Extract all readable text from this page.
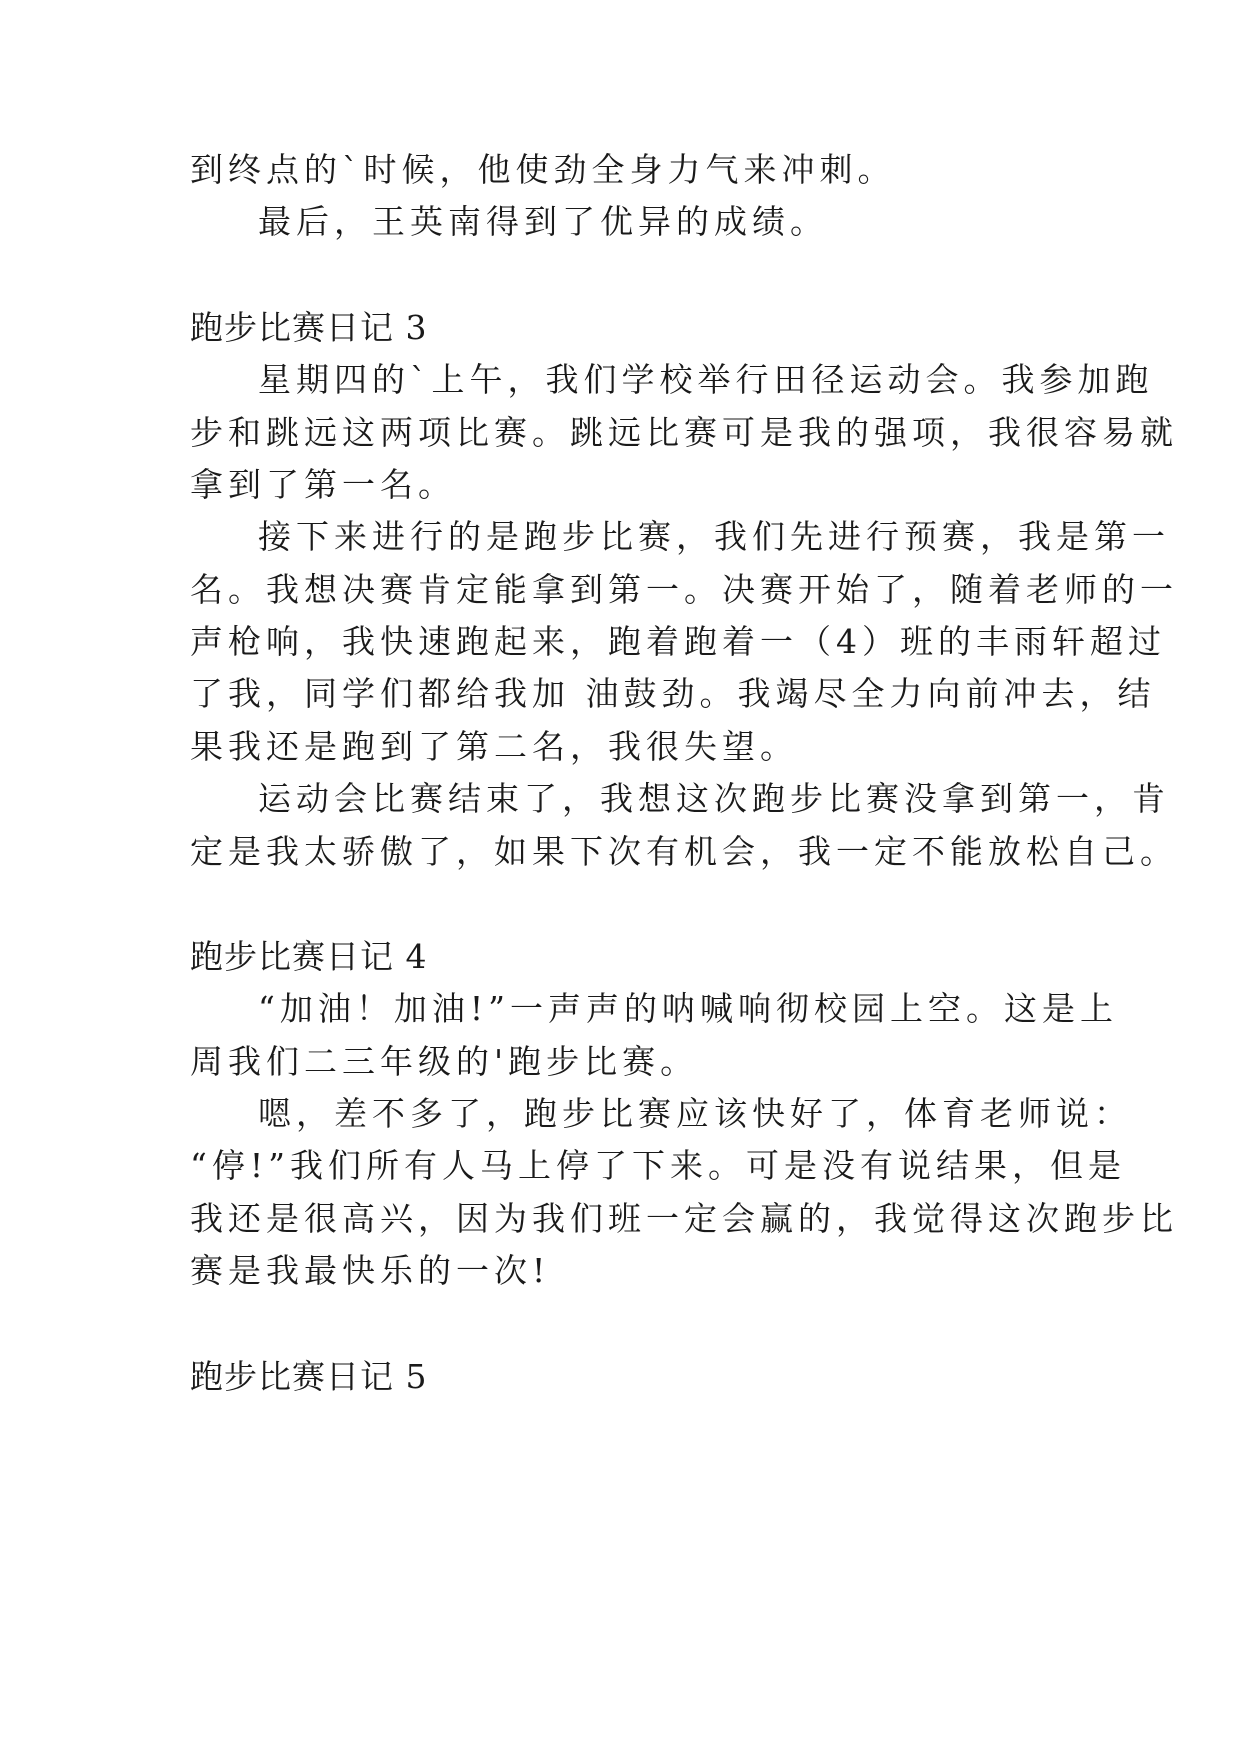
到终点的`时候，他使劲全身力气来冲刺。
最后，王英南得到了优异的成绩。
跑步比赛日记 3
星期四的`上午，我们学校举行田径运动会。我参加跑
步和跳远这两项比赛。跳远比赛可是我的强项，我很容易就
拿到了第一名。
接下来进行的是跑步比赛，我们先进行预赛，我是第一
名。我想决赛肯定能拿到第一。决赛开始了，随着老师的一
声枪响，我快速跑起来，跑着跑着一（4）班的丰雨轩超过
了我，同学们都给我加 油鼓劲。我竭尽全力向前冲去，结
果我还是跑到了第二名，我很失望。
运动会比赛结束了，我想这次跑步比赛没拿到第一，肯
定是我太骄傲了，如果下次有机会，我一定不能放松自己。
跑步比赛日记 4
“加油！加油!”一声声的呐喊响彻校园上空。这是上
周我们二三年级的'跑步比赛。
嗯，差不多了，跑步比赛应该快好了，体育老师说：
“停!”我们所有人马上停了下来。可是没有说结果，但是
我还是很高兴，因为我们班一定会赢的，我觉得这次跑步比
赛是我最快乐的一次!
跑步比赛日记 5
